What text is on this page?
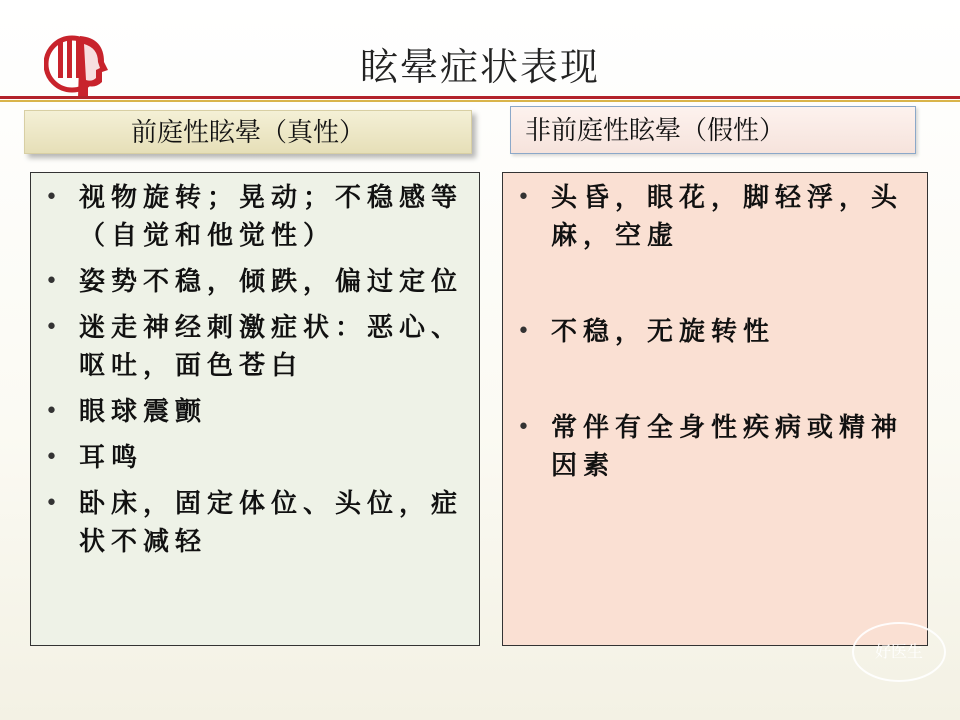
眩晕症状表现
前庭性眩晕（真性）	非前庭性眩晕（假性）
• 视物旋转；晃动；不稳感等（自觉和他觉性）
• 姿势不稳，倾跌，偏过定位
• 迷走神经刺激症状：恶心、呕吐，面色苍白
• 眼球震颤
• 耳鸣
• 卧床，固定体位、头位，症状不减轻
• 头昏，眼花，脚轻浮，头麻，空虚
• 不稳，无旋转性
• 常伴有全身性疾病或精神因素
好医生
